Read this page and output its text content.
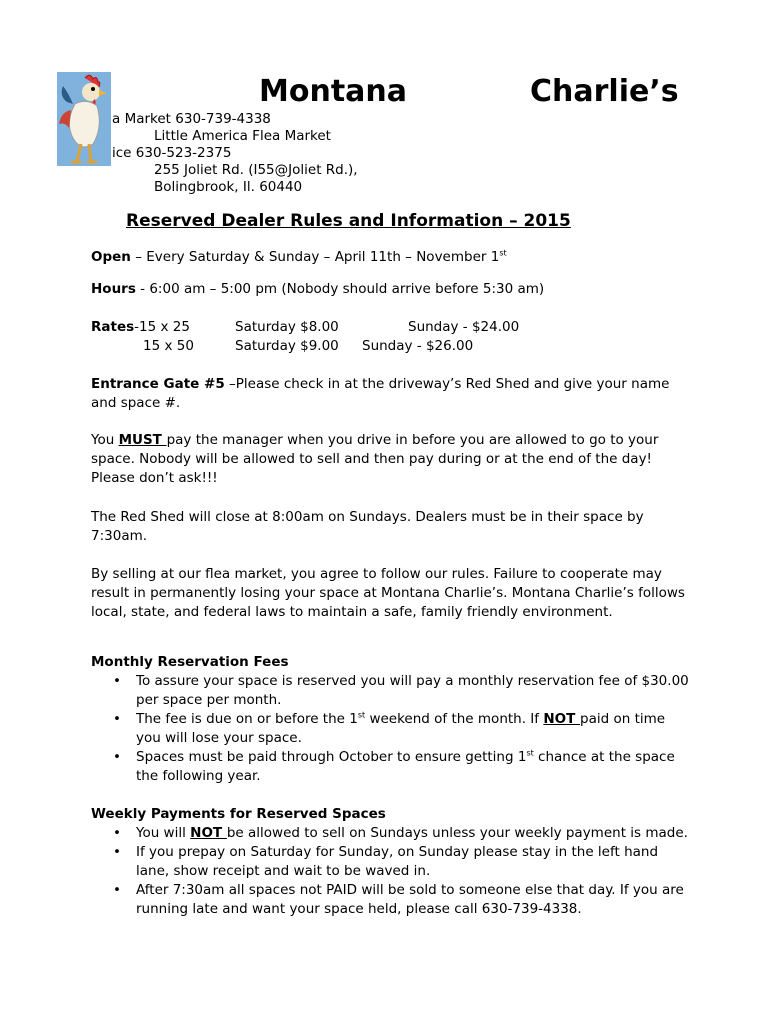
Montana	Charlie’s
a Market 630-739-4338
Little America Flea Market
ice 630-523-2375
255 Joliet Rd. (I55@Joliet Rd.),
Bolingbrook, Il. 60440
Reserved Dealer Rules and Information – 2015
Open – Every Saturday & Sunday – April 11th – November 1st
Hours - 6:00 am – 5:00 pm (Nobody should arrive before 5:30 am)
Rates-15 x 25	Saturday $8.00	Sunday - $24.00
15 x 50	Saturday $9.00 Sunday - $26.00
Entrance Gate #5 –Please check in at the driveway’s Red Shed and give your name and space #.
You MUST pay the manager when you drive in before you are allowed to go to your space. Nobody will be allowed to sell and then pay during or at the end of the day! Please don’t ask!!!
The Red Shed will close at 8:00am on Sundays. Dealers must be in their space by 7:30am.
By selling at our flea market, you agree to follow our rules. Failure to cooperate may result in permanently losing your space at Montana Charlie’s. Montana Charlie’s follows local, state, and federal laws to maintain a safe, family friendly environment.
Monthly Reservation Fees
• To assure your space is reserved you will pay a monthly reservation fee of $30.00 per space per month.
• The fee is due on or before the 1st weekend of the month. If NOT paid on time you will lose your space.
• Spaces must be paid through October to ensure getting 1st chance at the space the following year.
Weekly Payments for Reserved Spaces
• You will NOT be allowed to sell on Sundays unless your weekly payment is made.
• If you prepay on Saturday for Sunday, on Sunday please stay in the left hand lane, show receipt and wait to be waved in.
• After 7:30am all spaces not PAID will be sold to someone else that day. If you are running late and want your space held, please call 630-739-4338.
